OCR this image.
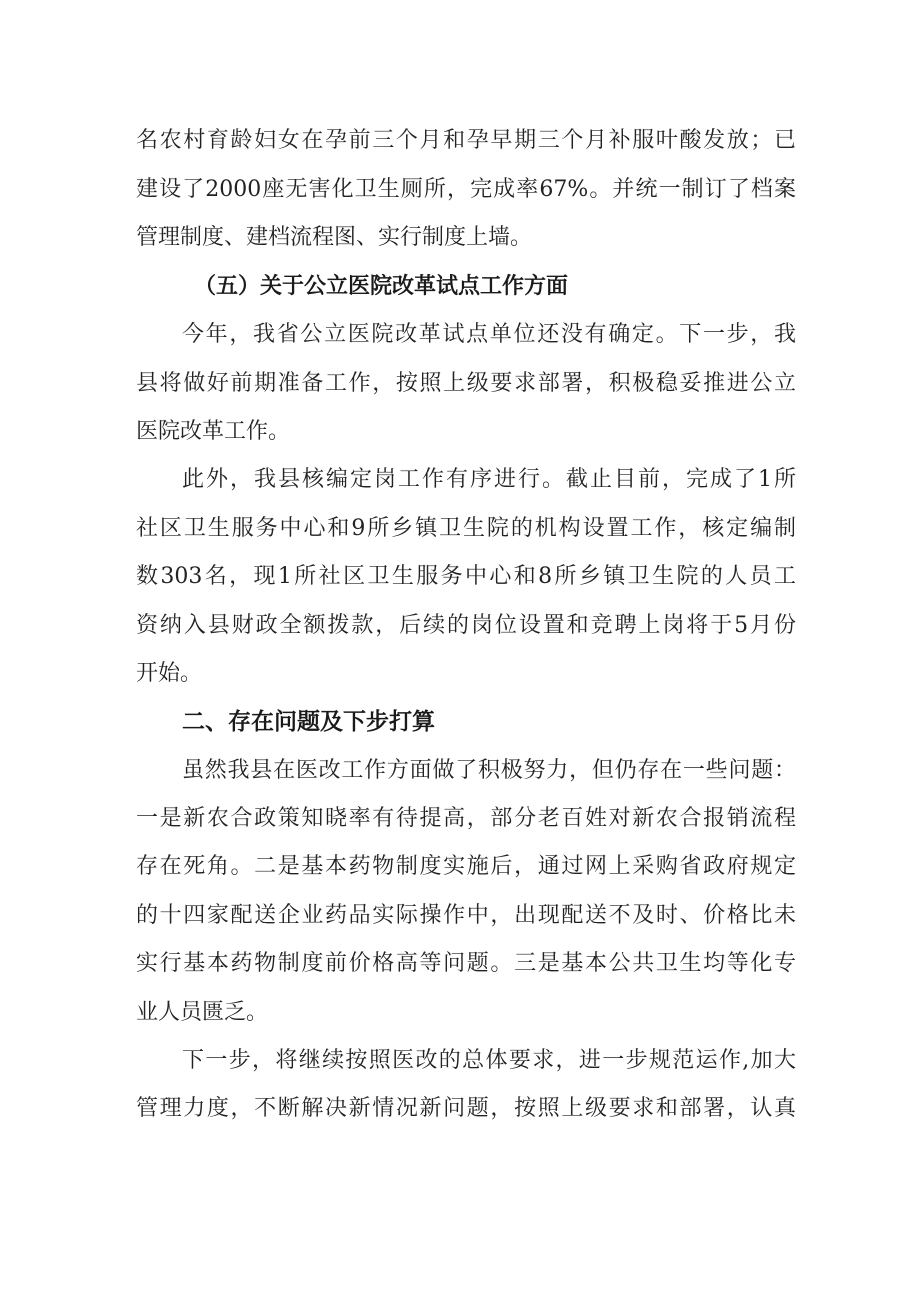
名农村育龄妇女在孕前三个月和孕早期三个月补服叶酸发放；已
建设了2000座无害化卫生厕所，完成率67%。并统一制订了档案
管理制度、建档流程图、实行制度上墙。
（五）关于公立医院改革试点工作方面
今年，我省公立医院改革试点单位还没有确定。下一步，我
县将做好前期准备工作，按照上级要求部署，积极稳妥推进公立
医院改革工作。
此外，我县核编定岗工作有序进行。截止目前，完成了1所
社区卫生服务中心和9所乡镇卫生院的机构设置工作，核定编制
数303名，现1所社区卫生服务中心和8所乡镇卫生院的人员工
资纳入县财政全额拨款，后续的岗位设置和竞聘上岗将于5月份
开始。
二、存在问题及下步打算
虽然我县在医改工作方面做了积极努力，但仍存在一些问题：
一是新农合政策知晓率有待提高，部分老百姓对新农合报销流程
存在死角。二是基本药物制度实施后，通过网上采购省政府规定
的十四家配送企业药品实际操作中，出现配送不及时、价格比未
实行基本药物制度前价格高等问题。三是基本公共卫生均等化专
业人员匮乏。
下一步，将继续按照医改的总体要求，进一步规范运作,加大
管理力度，不断解决新情况新问题，按照上级要求和部署，认真
